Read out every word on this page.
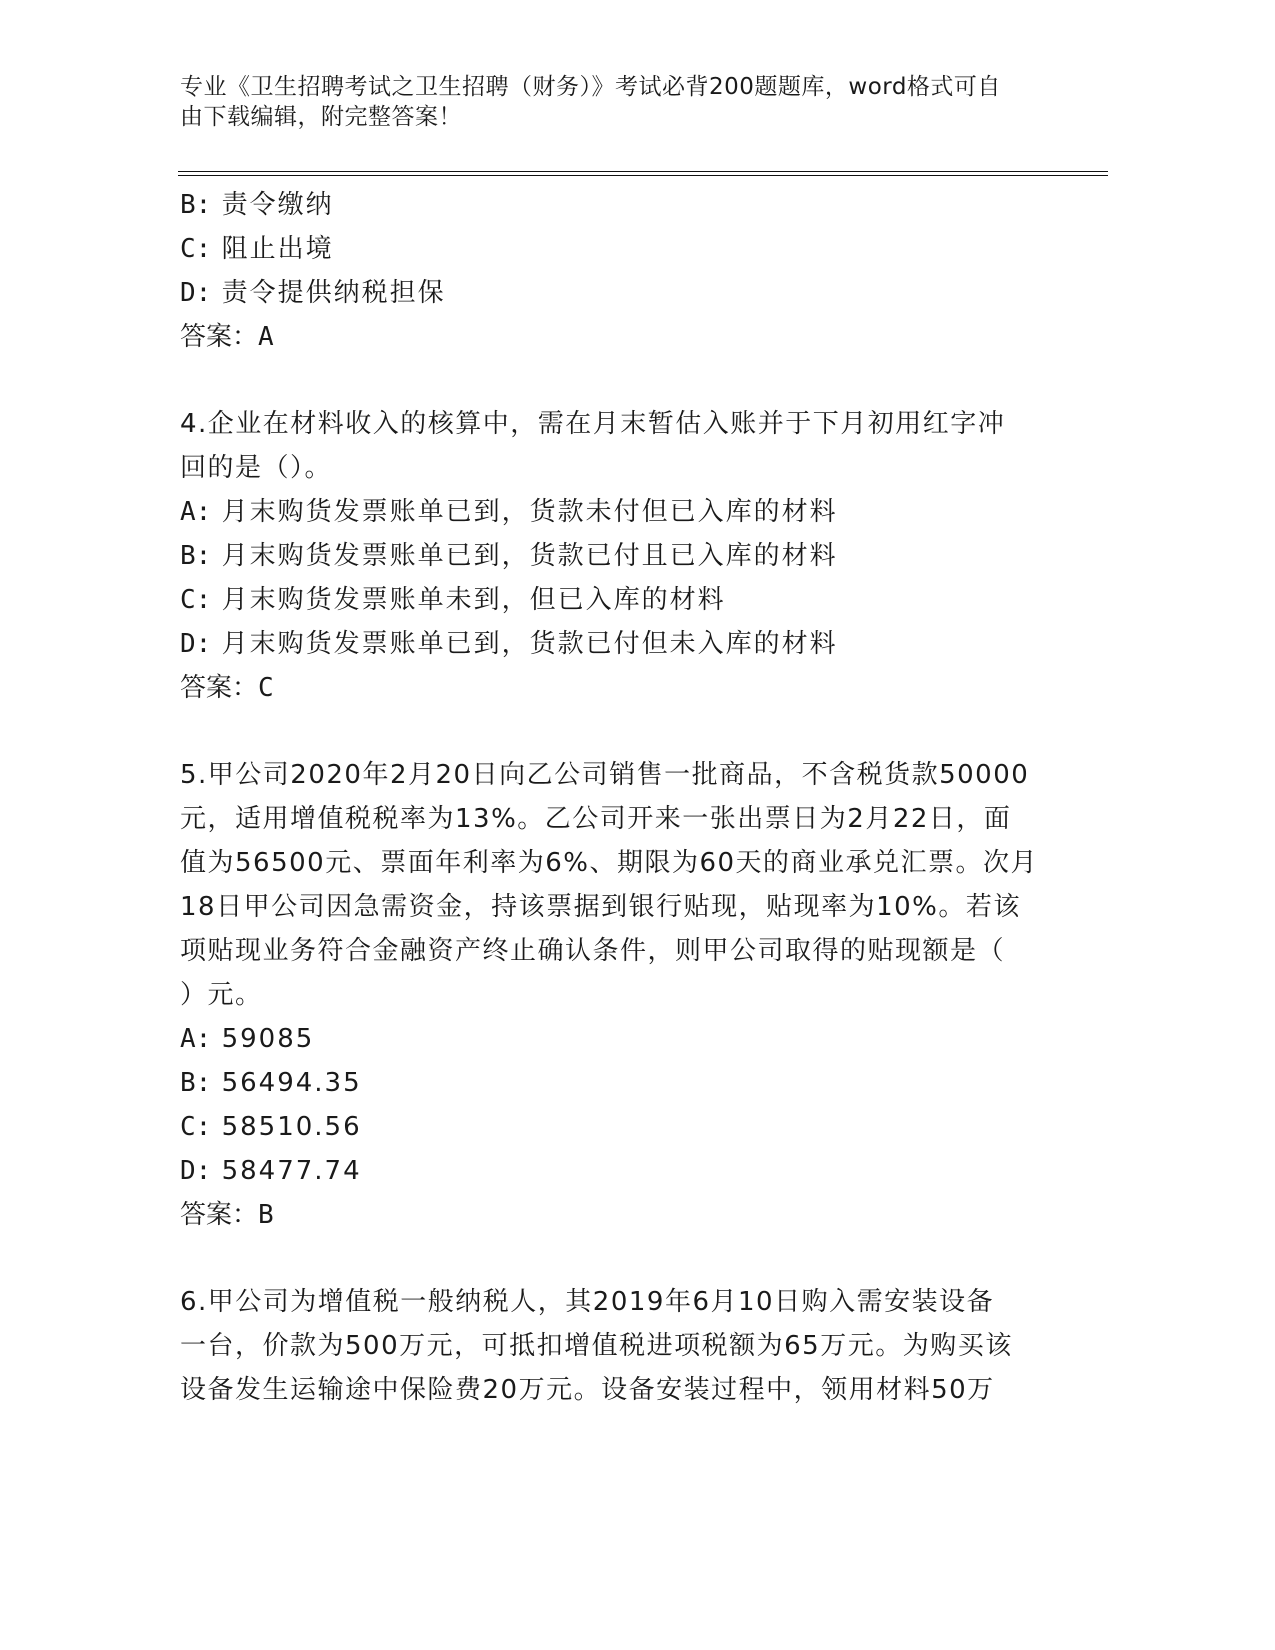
专业《卫生招聘考试之卫生招聘（财务）》考试必背200题题库，word格式可自
由下载编辑，附完整答案！
B: 责令缴纳
C: 阻止出境
D: 责令提供纳税担保
答案：A
4.企业在材料收入的核算中，需在月末暂估入账并于下月初用红字冲
回的是（）。
A: 月末购货发票账单已到，货款未付但已入库的材料
B: 月末购货发票账单已到，货款已付且已入库的材料
C: 月末购货发票账单未到，但已入库的材料
D: 月末购货发票账单已到，货款已付但未入库的材料
答案：C
5.甲公司2020年2月20日向乙公司销售一批商品，不含税货款50000
元，适用增值税税率为13%。乙公司开来一张出票日为2月22日，面
值为56500元、票面年利率为6%、期限为60天的商业承兑汇票。次月
18日甲公司因急需资金，持该票据到银行贴现，贴现率为10%。若该
项贴现业务符合金融资产终止确认条件，则甲公司取得的贴现额是（
）元。
A: 59085
B: 56494.35
C: 58510.56
D: 58477.74
答案：B
6.甲公司为增值税一般纳税人，其2019年6月10日购入需安装设备
一台，价款为500万元，可抵扣增值税进项税额为65万元。为购买该
设备发生运输途中保险费20万元。设备安装过程中，领用材料50万
